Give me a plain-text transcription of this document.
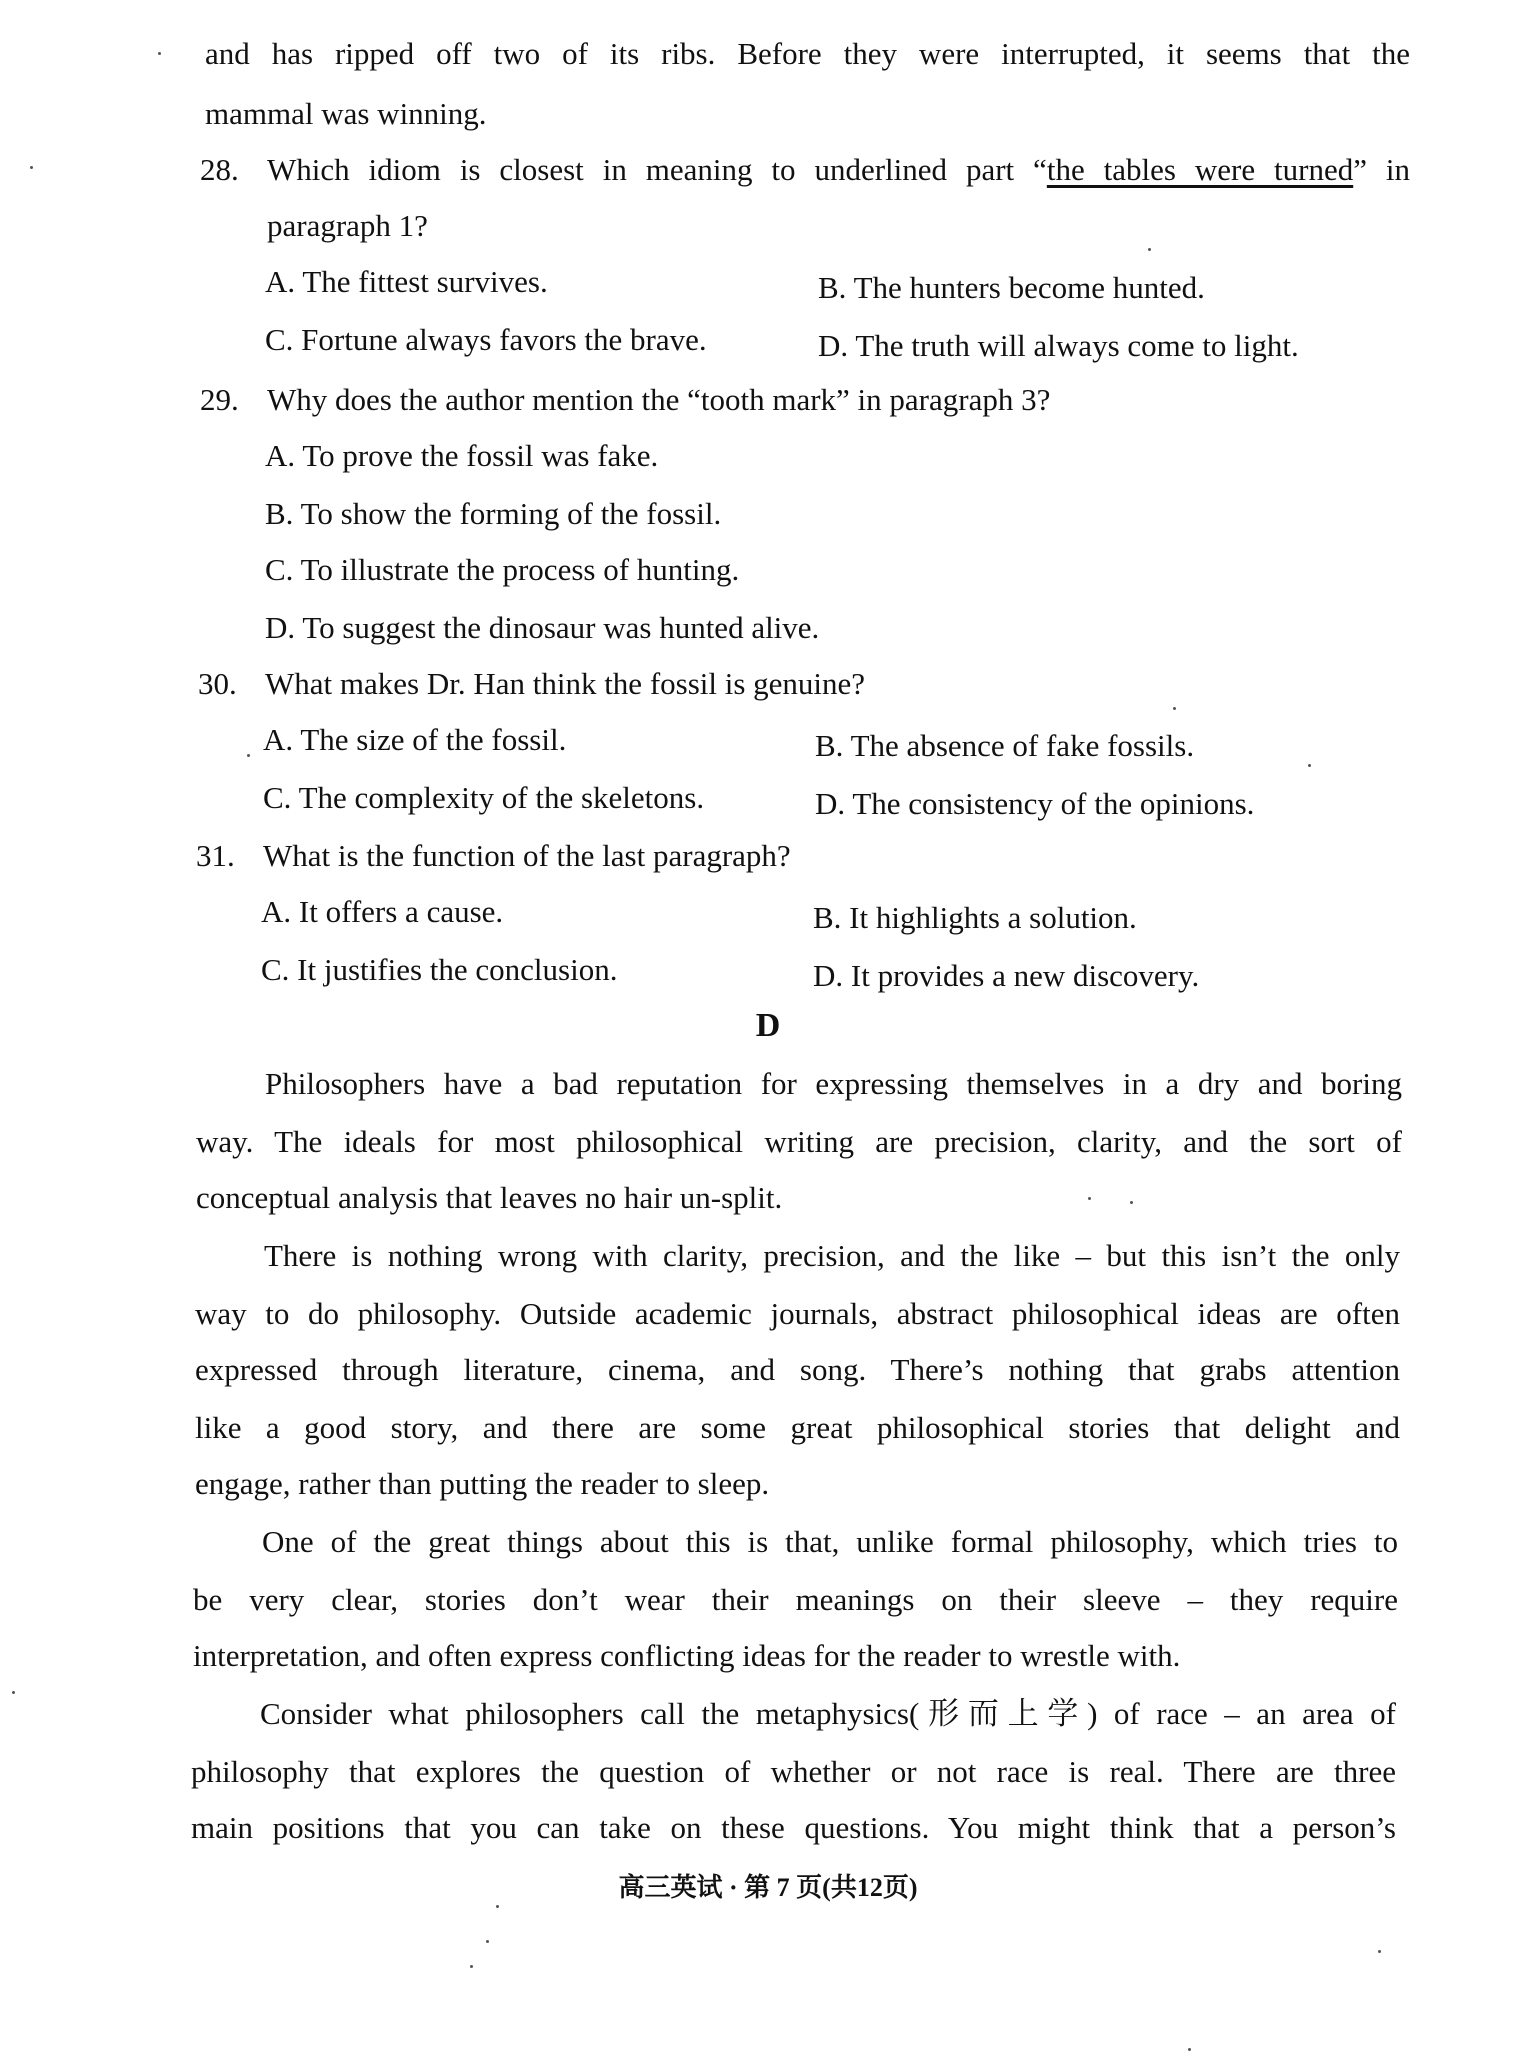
and has ripped off two of its ribs. Before they were interrupted, it seems that the
mammal was winning.
28. Which idiom is closest in meaning to underlined part “the tables were turned” in
paragraph 1?
A. The fittest survives.	B. The hunters become hunted.
C. Fortune always favors the brave.	D. The truth will always come to light.
29. Why does the author mention the “tooth mark” in paragraph 3?
A. To prove the fossil was fake.
B. To show the forming of the fossil.
C. To illustrate the process of hunting.
D. To suggest the dinosaur was hunted alive.
30. What makes Dr. Han think the fossil is genuine?
A. The size of the fossil.	B. The absence of fake fossils.
C. The complexity of the skeletons.	D. The consistency of the opinions.
31. What is the function of the last paragraph?
A. It offers a cause.	B. It highlights a solution.
C. It justifies the conclusion.	D. It provides a new discovery.
D
Philosophers have a bad reputation for expressing themselves in a dry and boring
way. The ideals for most philosophical writing are precision, clarity, and the sort of
conceptual analysis that leaves no hair un-split.
There is nothing wrong with clarity, precision, and the like – but this isn’t the only
way to do philosophy. Outside academic journals, abstract philosophical ideas are often
expressed through literature, cinema, and song. There’s nothing that grabs attention
like a good story, and there are some great philosophical stories that delight and
engage, rather than putting the reader to sleep.
One of the great things about this is that, unlike formal philosophy, which tries to
be very clear, stories don’t wear their meanings on their sleeve – they require
interpretation, and often express conflicting ideas for the reader to wrestle with.
Consider what philosophers call the metaphysics(形而上学) of race – an area of
philosophy that explores the question of whether or not race is real. There are three
main positions that you can take on these questions. You might think that a person’s
高三英试 · 第 7 页(共12页)
